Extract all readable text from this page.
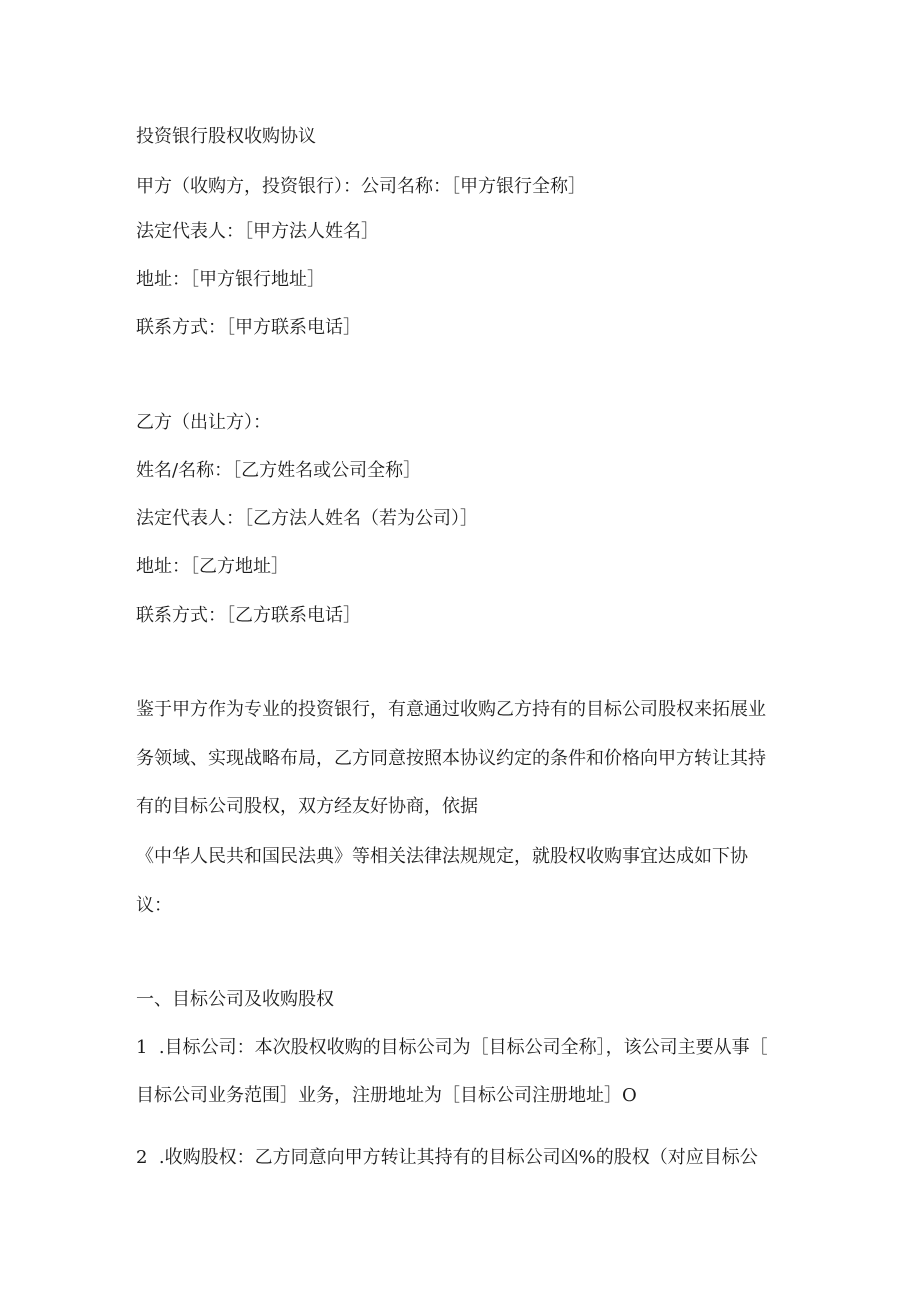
投资银行股权收购协议

甲方（收购方，投资银行）：公司名称：［甲方银行全称］

法定代表人：［甲方法人姓名］

地址：［甲方银行地址］

联系方式：［甲方联系电话］

乙方（出让方）：

姓名/名称：［乙方姓名或公司全称］

法定代表人：［乙方法人姓名（若为公司）］

地址：［乙方地址］

联系方式：［乙方联系电话］

鉴于甲方作为专业的投资银行，有意通过收购乙方持有的目标公司股权来拓展业

务领域、实现战略布局，乙方同意按照本协议约定的条件和价格向甲方转让其持

有的目标公司股权，双方经友好协商，依据

《中华人民共和国民法典》等相关法律法规规定，就股权收购事宜达成如下协

议：

一、目标公司及收购股权

1  .目标公司：本次股权收购的目标公司为［目标公司全称］，该公司主要从事［

目标公司业务范围］业务，注册地址为［目标公司注册地址］O

2  .收购股权：乙方同意向甲方转让其持有的目标公司凶%的股权（对应目标公
